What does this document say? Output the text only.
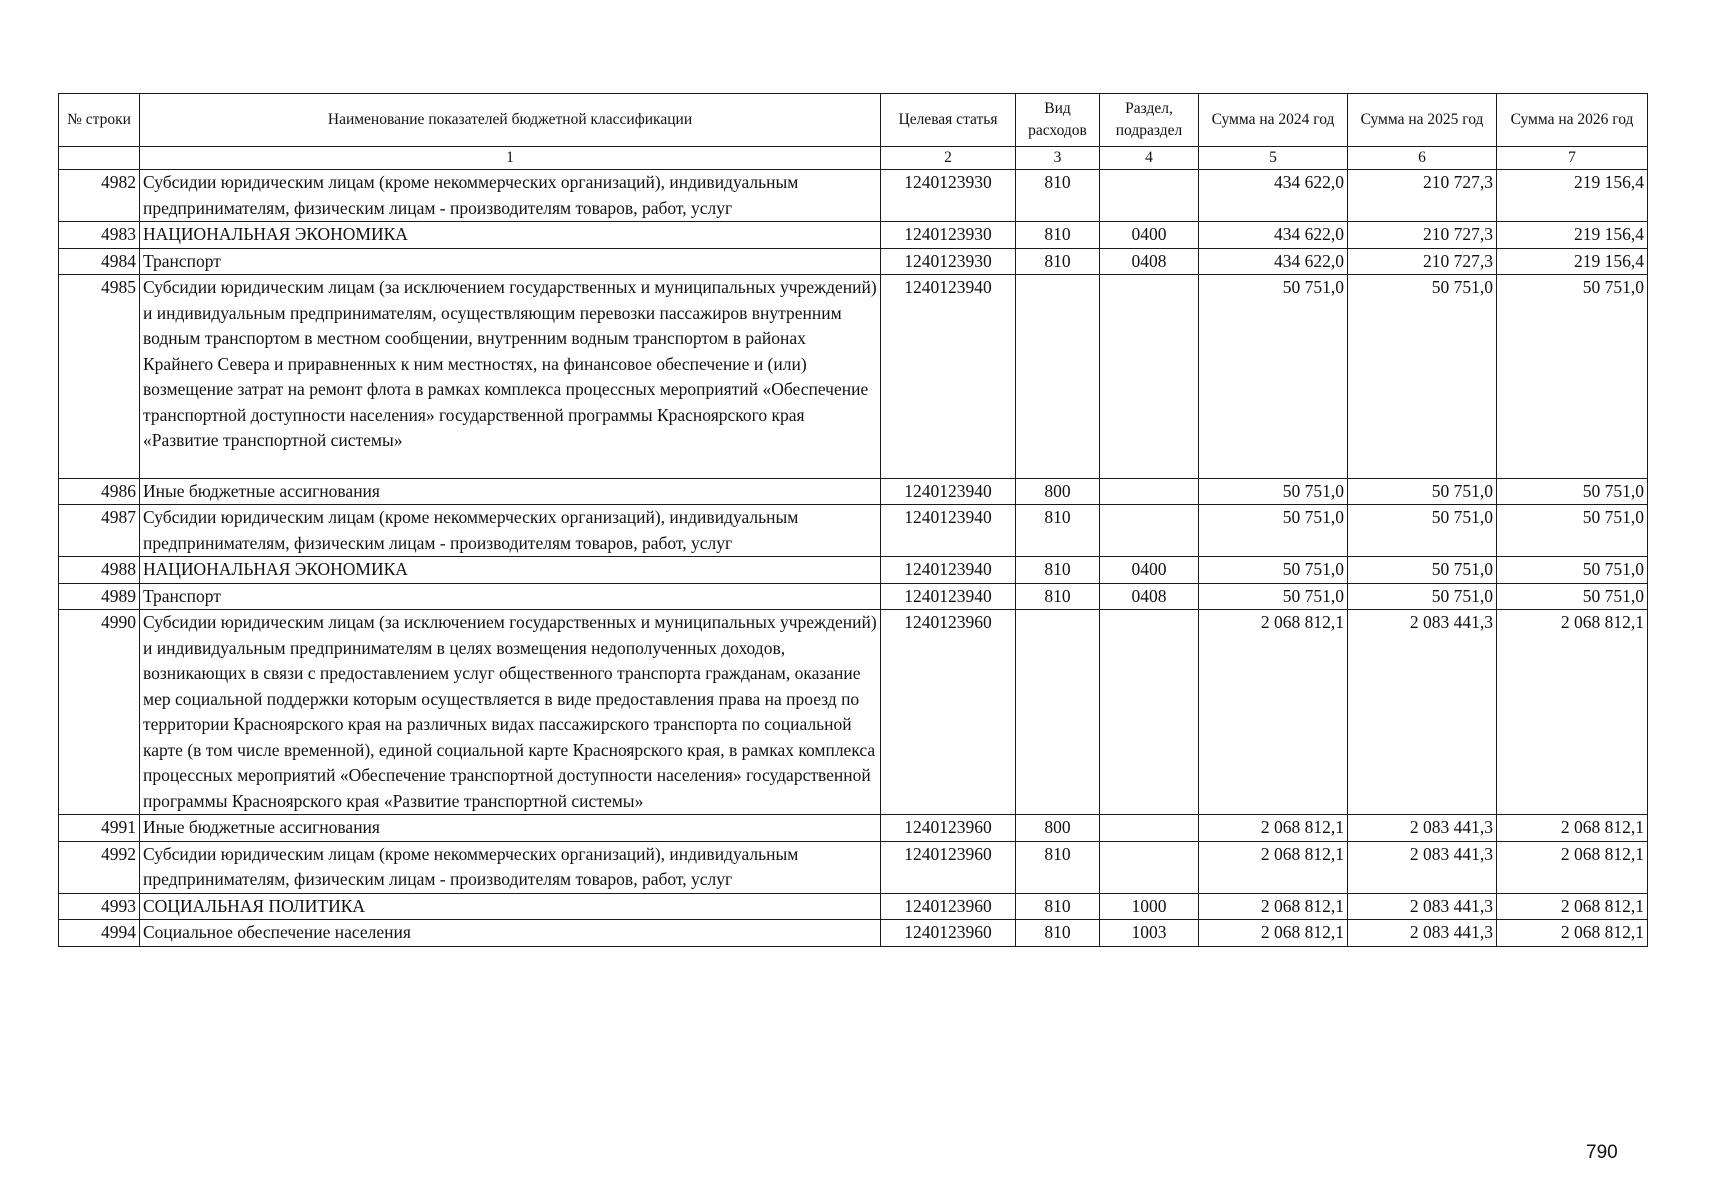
№ строки	Наименование показателей бюджетной классификации	Целевая статья	Вид расходов	Раздел, подраздел	Сумма на 2024 год	Сумма на 2025 год	Сумма на 2026 год
	1	2	3	4	5	6	7
4982	Субсидии юридическим лицам (кроме некоммерческих организаций), индивидуальным предпринимателям, физическим лицам - производителям товаров, работ, услуг	1240123930	810		434 622,0	210 727,3	219 156,4
4983	НАЦИОНАЛЬНАЯ ЭКОНОМИКА	1240123930	810	0400	434 622,0	210 727,3	219 156,4
4984	Транспорт	1240123930	810	0408	434 622,0	210 727,3	219 156,4
4985	Субсидии юридическим лицам (за исключением государственных и муниципальных учреждений) и индивидуальным предпринимателям, осуществляющим перевозки пассажиров внутренним водным транспортом в местном сообщении, внутренним водным транспортом в районах Крайнего Севера и приравненных к ним местностях, на финансовое обеспечение и (или) возмещение затрат на ремонт флота в рамках комплекса процессных мероприятий «Обеспечение транспортной доступности населения» государственной программы Красноярского края «Развитие транспортной системы»	1240123940			50 751,0	50 751,0	50 751,0
4986	Иные бюджетные ассигнования	1240123940	800		50 751,0	50 751,0	50 751,0
4987	Субсидии юридическим лицам (кроме некоммерческих организаций), индивидуальным предпринимателям, физическим лицам - производителям товаров, работ, услуг	1240123940	810		50 751,0	50 751,0	50 751,0
4988	НАЦИОНАЛЬНАЯ ЭКОНОМИКА	1240123940	810	0400	50 751,0	50 751,0	50 751,0
4989	Транспорт	1240123940	810	0408	50 751,0	50 751,0	50 751,0
4990	Субсидии юридическим лицам (за исключением государственных и муниципальных учреждений) и индивидуальным предпринимателям в целях возмещения недополученных доходов, возникающих в связи с предоставлением услуг общественного транспорта гражданам, оказание мер социальной поддержки которым осуществляется в виде предоставления права на проезд по территории Красноярского края на различных видах пассажирского транспорта по социальной карте (в том числе временной), единой социальной карте Красноярского края, в рамках комплекса процессных мероприятий «Обеспечение транспортной доступности населения» государственной программы Красноярского края «Развитие транспортной системы»	1240123960			2 068 812,1	2 083 441,3	2 068 812,1
4991	Иные бюджетные ассигнования	1240123960	800		2 068 812,1	2 083 441,3	2 068 812,1
4992	Субсидии юридическим лицам (кроме некоммерческих организаций), индивидуальным предпринимателям, физическим лицам - производителям товаров, работ, услуг	1240123960	810		2 068 812,1	2 083 441,3	2 068 812,1
4993	СОЦИАЛЬНАЯ ПОЛИТИКА	1240123960	810	1000	2 068 812,1	2 083 441,3	2 068 812,1
4994	Социальное обеспечение населения	1240123960	810	1003	2 068 812,1	2 083 441,3	2 068 812,1
790
